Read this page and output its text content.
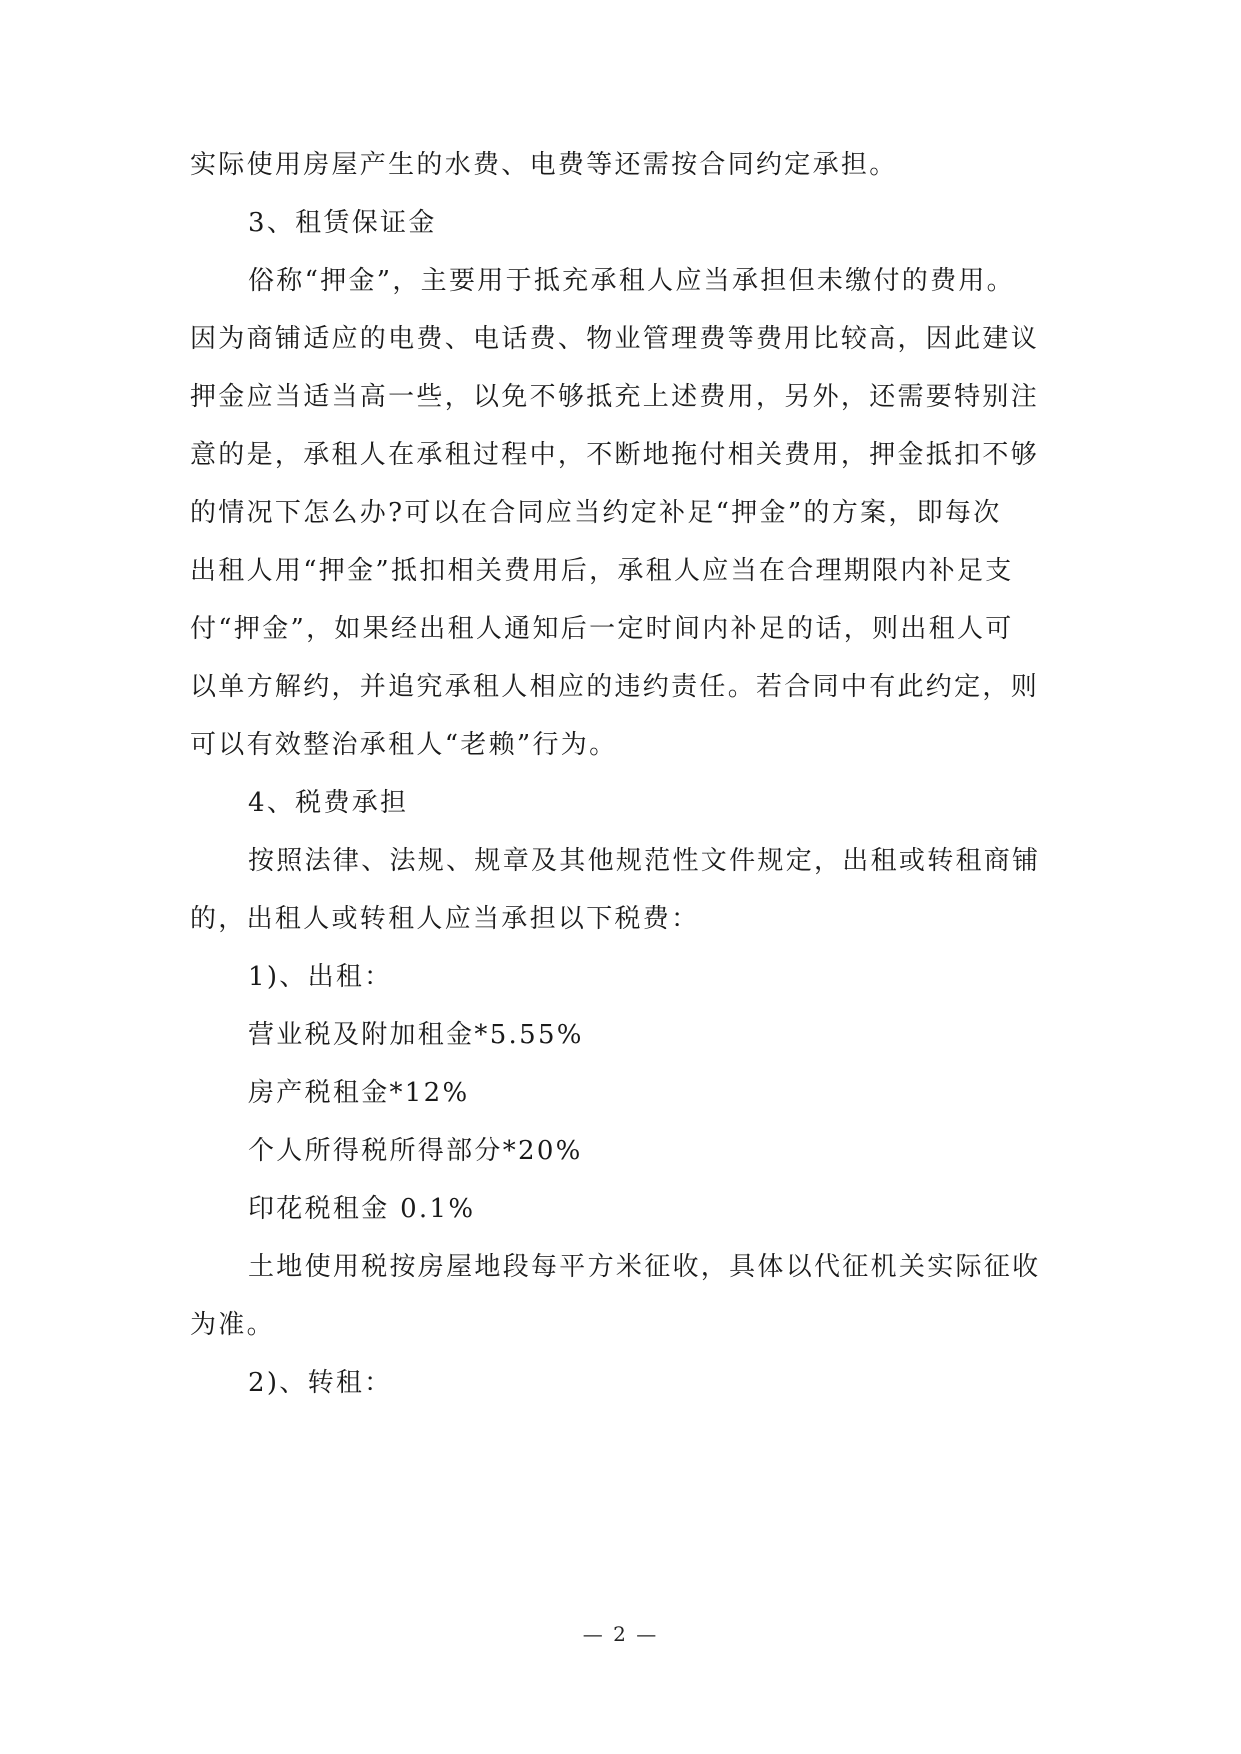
实际使用房屋产生的水费、电费等还需按合同约定承担。
3、租赁保证金
俗称“押金”，主要用于抵充承租人应当承担但未缴付的费用。
因为商铺适应的电费、电话费、物业管理费等费用比较高，因此建议
押金应当适当高一些，以免不够抵充上述费用，另外，还需要特别注
意的是，承租人在承租过程中，不断地拖付相关费用，押金抵扣不够
的情况下怎么办?可以在合同应当约定补足“押金”的方案，即每次
出租人用“押金”抵扣相关费用后，承租人应当在合理期限内补足支
付“押金”，如果经出租人通知后一定时间内补足的话，则出租人可
以单方解约，并追究承租人相应的违约责任。若合同中有此约定，则
可以有效整治承租人“老赖”行为。
4、税费承担
按照法律、法规、规章及其他规范性文件规定，出租或转租商铺
的，出租人或转租人应当承担以下税费：
1)、出租：
营业税及附加租金*5.55%
房产税租金*12%
个人所得税所得部分*20%
印花税租金 0.1%
土地使用税按房屋地段每平方米征收，具体以代征机关实际征收
为准。
2)、转租：
— 2 —
